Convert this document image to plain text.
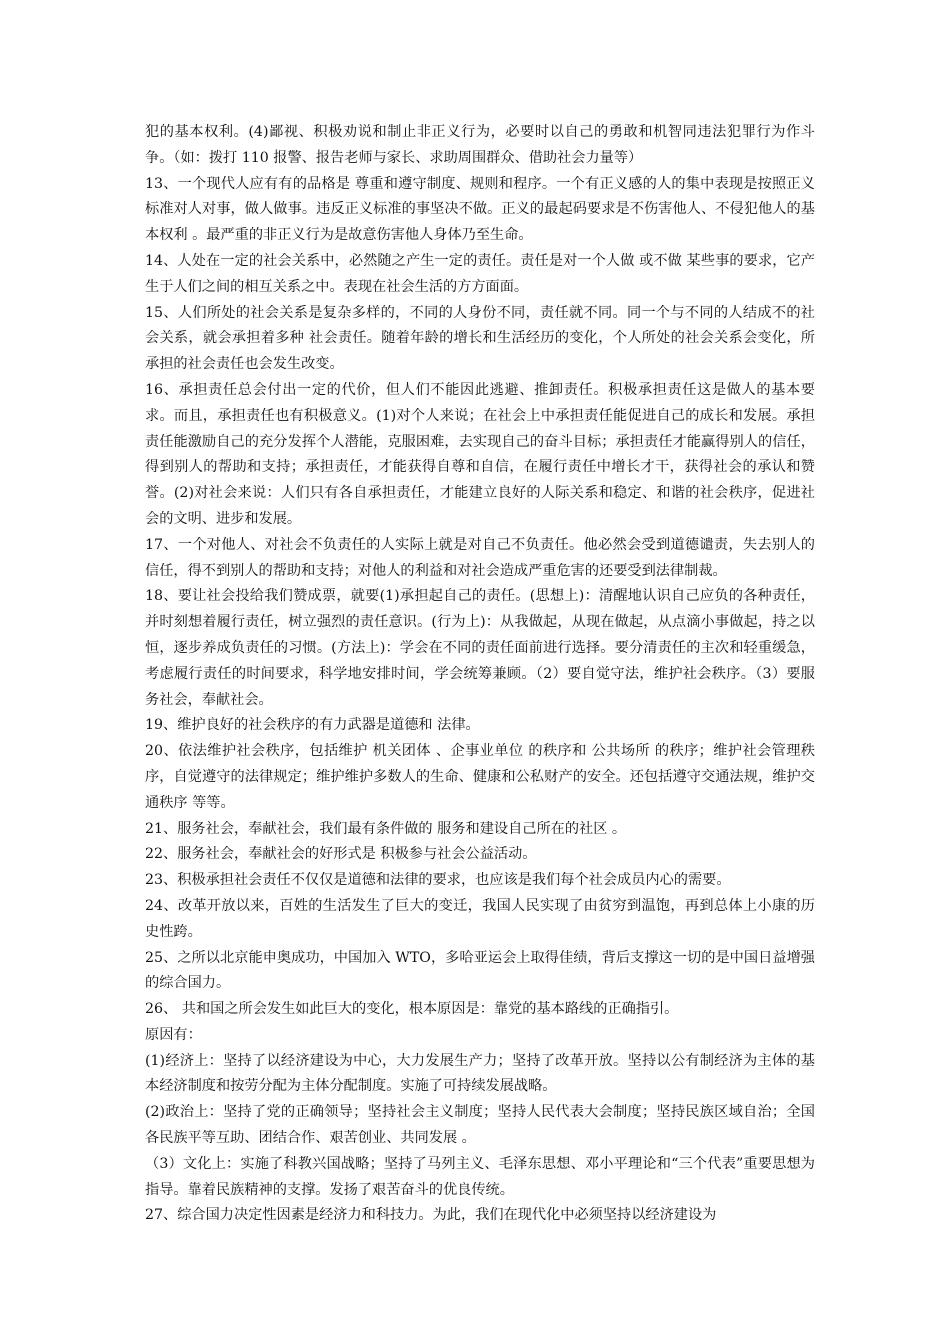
犯的基本权利。(4)鄙视、积极劝说和制止非正义行为，必要时以自己的勇敢和机智同违法犯罪行为作斗争。（如：拨打 110 报警、报告老师与家长、求助周围群众、借助社会力量等）

13、一个现代人应有有的品格是 尊重和遵守制度、规则和程序。一个有正义感的人的集中表现是按照正义标准对人对事，做人做事。违反正义标准的事坚决不做。正义的最起码要求是不伤害他人、不侵犯他人的基本权利 。最严重的非正义行为是故意伤害他人身体乃至生命。

14、人处在一定的社会关系中，必然随之产生一定的责任。责任是对一个人做 或不做 某些事的要求，它产生于人们之间的相互关系之中。表现在社会生活的方方面面。

15、人们所处的社会关系是复杂多样的，不同的人身份不同，责任就不同。同一个与不同的人结成不的社会关系，就会承担着多种 社会责任。随着年龄的增长和生活经历的变化，个人所处的社会关系会变化，所承担的社会责任也会发生改变。

16、承担责任总会付出一定的代价，但人们不能因此逃避、推卸责任。积极承担责任这是做人的基本要求。而且，承担责任也有积极意义。(1)对个人来说；在社会上中承担责任能促进自己的成长和发展。承担责任能激励自己的充分发挥个人潜能，克服困难，去实现自己的奋斗目标；承担责任才能赢得别人的信任，得到别人的帮助和支持；承担责任，才能获得自尊和自信，在履行责任中增长才干，获得社会的承认和赞誉。(2)对社会来说：人们只有各自承担责任，才能建立良好的人际关系和稳定、和谐的社会秩序，促进社会的文明、进步和发展。

17、一个对他人、对社会不负责任的人实际上就是对自己不负责任。他必然会受到道德谴责，失去别人的信任，得不到别人的帮助和支持；对他人的利益和对社会造成严重危害的还要受到法律制裁。

18、要让社会投给我们赞成票，就要(1)承担起自己的责任。(思想上)：清醒地认识自己应负的各种责任，并时刻想着履行责任，树立强烈的责任意识。(行为上)：从我做起，从现在做起，从点滴小事做起，持之以恒，逐步养成负责任的习惯。(方法上)：学会在不同的责任面前进行选择。要分清责任的主次和轻重缓急，考虑履行责任的时间要求，科学地安排时间，学会统筹兼顾。（2）要自觉守法，维护社会秩序。（3）要服务社会，奉献社会。

19、维护良好的社会秩序的有力武器是道德和 法律。

20、依法维护社会秩序，包括维护 机关团体 、企事业单位 的秩序和 公共场所 的秩序；维护社会管理秩序，自觉遵守的法律规定；维护维护多数人的生命、健康和公私财产的安全。还包括遵守交通法规，维护交通秩序 等等。

21、服务社会，奉献社会，我们最有条件做的 服务和建设自己所在的社区 。

22、服务社会，奉献社会的好形式是 积极参与社会公益活动。

23、积极承担社会责任不仅仅是道德和法律的要求，也应该是我们每个社会成员内心的需要。

24、改革开放以来，百姓的生活发生了巨大的变迁，我国人民实现了由贫穷到温饱，再到总体上小康的历史性跨。

25、之所以北京能申奥成功，中国加入 WTO，多哈亚运会上取得佳绩，背后支撑这一切的是中国日益增强的综合国力。

26、 共和国之所会发生如此巨大的变化，根本原因是：靠党的基本路线的正确指引。

原因有：

(1)经济上：坚持了以经济建设为中心，大力发展生产力；坚持了改革开放。坚持以公有制经济为主体的基本经济制度和按劳分配为主体分配制度。实施了可持续发展战略。

(2)政治上：坚持了党的正确领导；坚持社会主义制度；坚持人民代表大会制度；坚持民族区域自治；全国各民族平等互助、团结合作、艰苦创业、共同发展 。

（3）文化上：实施了科教兴国战略；坚持了马列主义、毛泽东思想、邓小平理论和“三个代表”重要思想为指导。靠着民族精神的支撑。发扬了艰苦奋斗的优良传统。

27、综合国力决定性因素是经济力和科技力。为此，我们在现代化中必须坚持以经济建设为
